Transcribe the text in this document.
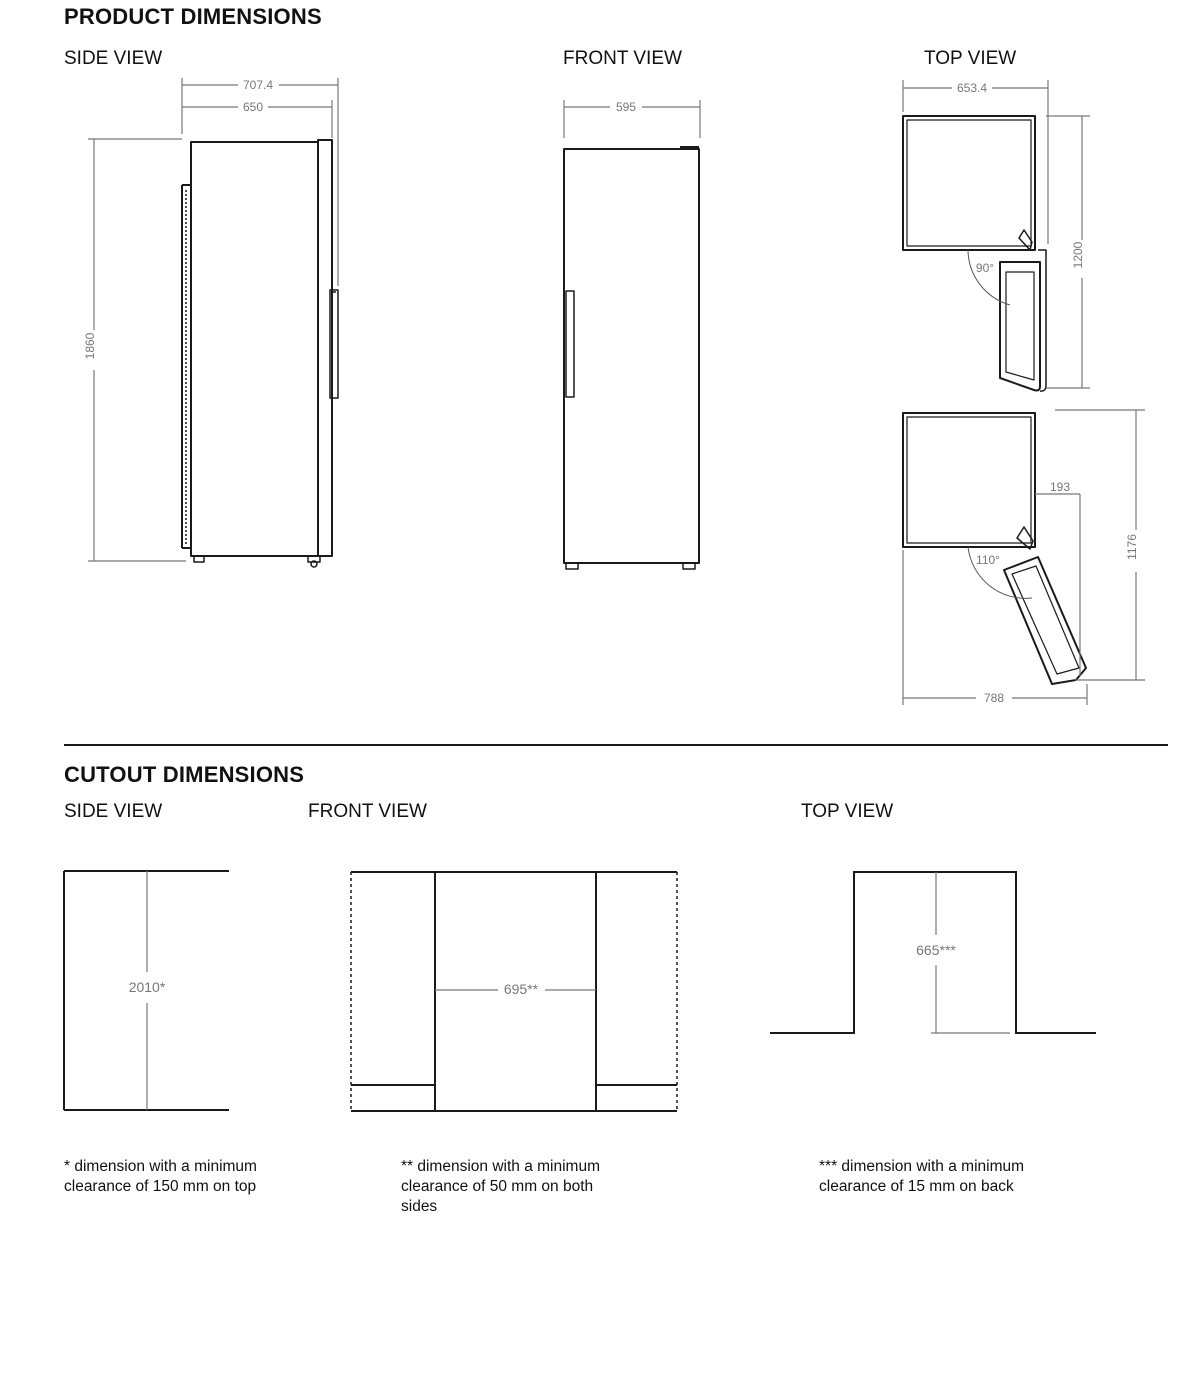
PRODUCT DIMENSIONS
SIDE VIEW	FRONT VIEW	TOP VIEW
CUTOUT DIMENSIONS
SIDE VIEW	FRONT VIEW	TOP VIEW
* dimension with a minimum clearance of 150 mm on top
** dimension with a minimum clearance of 50 mm on both sides
*** dimension with a minimum clearance of 15 mm on back
707.4
650
1860
595
653.4
1200
90°
110°
193
1176
788
2010*	695**
665***
